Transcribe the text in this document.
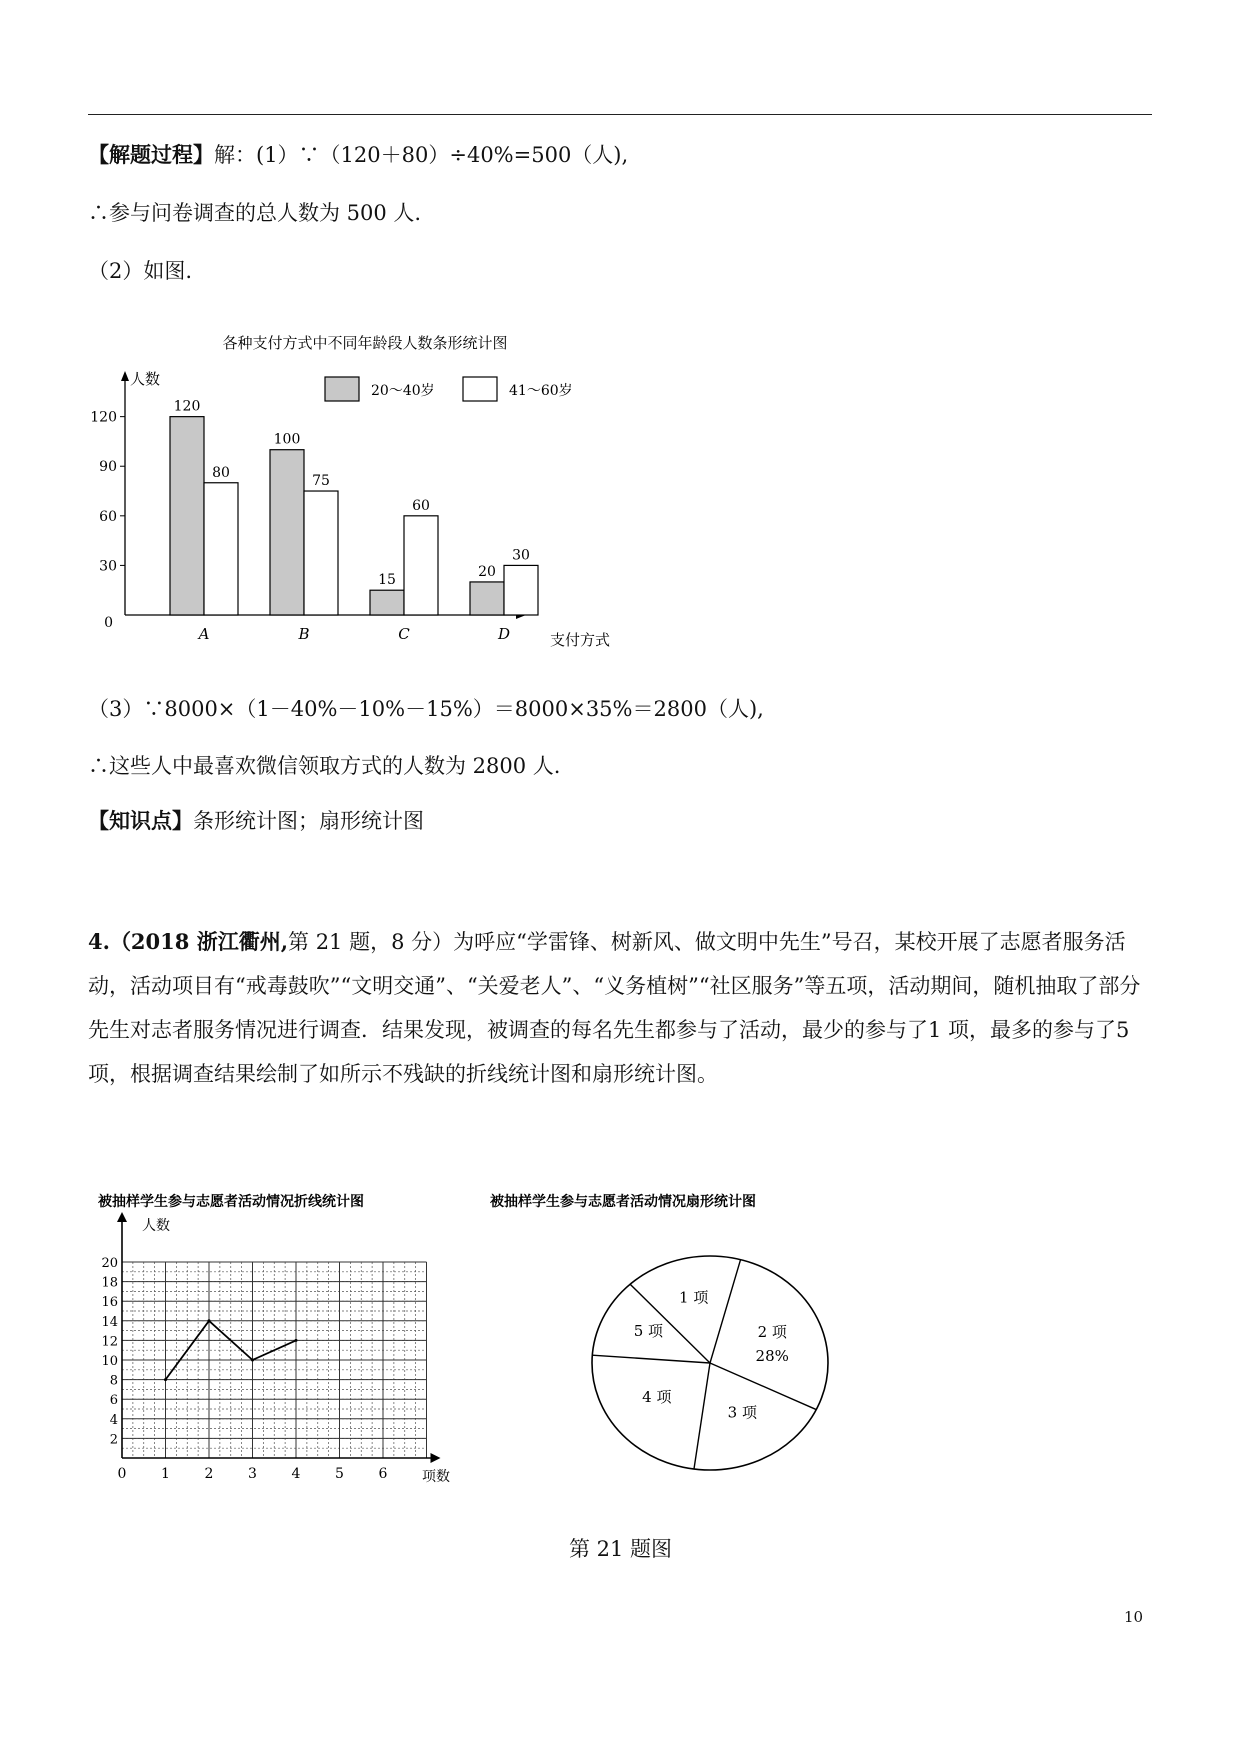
【解题过程】解：(1）∵（120＋80）÷40%=500（人),
∴参与问卷调查的总人数为 500 人.
（2）如图.
各种支付方式中不同年龄段人数条形统计图
人数
支付方式
0
30
60
90
120
120
80
A
100
75
B
15
60
C
20
30
D
20～40岁	41～60岁
（3）∵8000×（1－40%－10%－15%）＝8000×35%＝2800（人),
∴这些人中最喜欢微信领取方式的人数为 2800 人.
【知识点】条形统计图；扇形统计图
4.（2018 浙江衢州,第 21 题，8 分）为呼应“学雷锋、树新风、做文明中先生”号召，某校开展了志愿者服务活动，活动项目有“戒毒鼓吹”“文明交通”、“关爱老人”、“义务植树”“社区服务”等五项，活动期间，随机抽取了部分先生对志者服务情况进行调查．结果发现，被调查的每名先生都参与了活动，最少的参与了1 项，最多的参与了5 项，根据调查结果绘制了如所示不残缺的折线统计图和扇形统计图。
被抽样学生参与志愿者活动情况折线统计图
人数
项数
2
4
6
8
10
12
14
16
18
20
0 1 2 3 4 5 6
被抽样学生参与志愿者活动情况扇形统计图
2 项
28%
3 项
4 项
5 项
1 项
第 21 题图
10
